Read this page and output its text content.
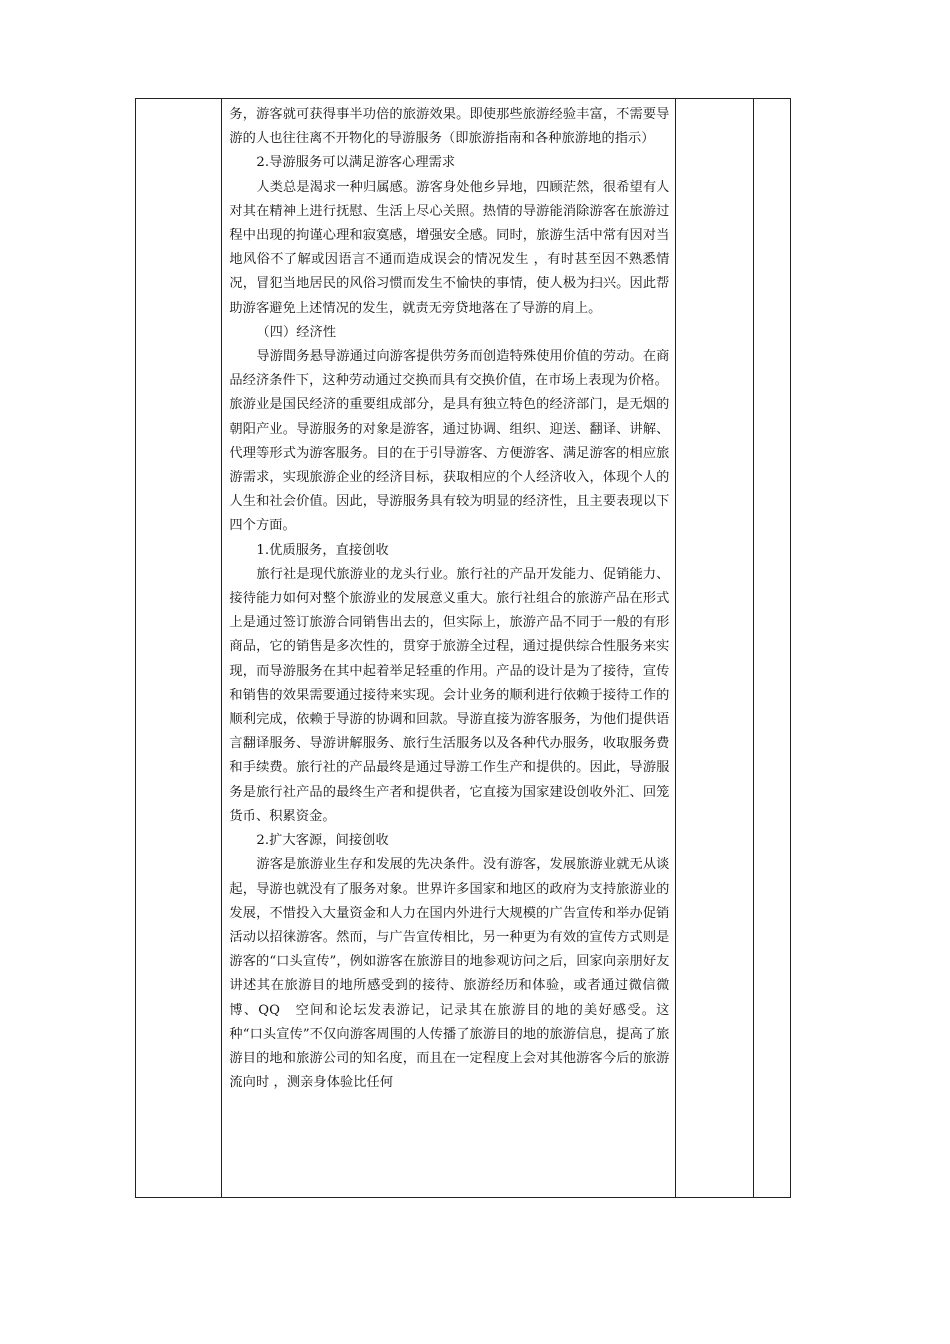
务，游客就可获得事半功倍的旅游效果。即使那些旅游经验丰富，不需要导游的人也往往离不开物化的导游服务（即旅游指南和各种旅游地的指示）

2.导游服务可以满足游客心理需求

人类总是渴求一种归属感。游客身处他乡异地，四顾茫然，很希望有人对其在精神上进行抚慰、生活上尽心关照。热情的导游能消除游客在旅游过程中出现的拘谨心理和寂寞感，增强安全感。同时，旅游生活中常有因对当地风俗不了解或因语言不通而造成误会的情况发生 ，有时甚至因不熟悉情况，冒犯当地居民的风俗习惯而发生不愉快的事情，使人极为扫兴。因此帮助游客避免上述情况的发生，就责无旁贷地落在了导游的肩上。

（四）经济性

导游間务悬导游通过向游客提供劳务而创造特殊使用价值的劳动。在商品经济条件下，这种劳动通过交换而具有交换价值，在市场上表现为价格。

旅游业是国民经济的重要组成部分，是具有独立特色的经济部门，是无烟的朝阳产业。导游服务的对象是游客，通过协调、组织、迎送、翻译、讲解、代理等形式为游客服务。目的在于引导游客、方便游客、满足游客的相应旅游需求，实现旅游企业的经济目标，获取相应的个人经济收入，体现个人的人生和社会价值。因此，导游服务具有较为明显的经济性，且主要表现以下四个方面。

1.优质服务，直接创收

旅行社是现代旅游业的龙头行业。旅行社的产品开发能力、促销能力、接待能力如何对整个旅游业的发展意义重大。旅行社组合的旅游产品在形式上是通过签订旅游合同销售出去的，但实际上，旅游产品不同于一般的有形商品，它的销售是多次性的，贯穿于旅游全过程，通过提供综合性服务来实现，而导游服务在其中起着举足轻重的作用。产品的设计是为了接待，宣传和销售的效果需要通过接待来实现。会计业务的顺利进行依赖于接待工作的顺利完成，依赖于导游的协调和回款。导游直接为游客服务，为他们提供语言翻译服务、导游讲解服务、旅行生活服务以及各种代办服务，收取服务费和手续费。旅行社的产品最终是通过导游工作生产和提供的。因此，导游服务是旅行社产品的最终生产者和提供者，它直接为国家建设创收外汇、回笼货币、积累资金。

2.扩大客源，间接创收

游客是旅游业生存和发展的先决条件。没有游客，发展旅游业就无从谈起，导游也就没有了服务对象。世界许多国家和地区的政府为支持旅游业的发展，不惜投入大量资金和人力在国内外进行大规模的广告宣传和举办促销活动以招徕游客。然而，与广告宣传相比，另一种更为有效的宣传方式则是游客的“口头宣传”，例如游客在旅游目的地参观访问之后，回家向亲朋好友讲述其在旅游目的地所感受到的接待、旅游经历和体验，或者通过微信微博、QQ　空间和论坛发表游记，记录其在旅游目的地的美好感受。这种“口头宣传”不仅向游客周围的人传播了旅游目的地的旅游信息，提高了旅游目的地和旅游公司的知名度，而且在一定程度上会对其他游客今后的旅游流向时 ，测亲身体验比任何
